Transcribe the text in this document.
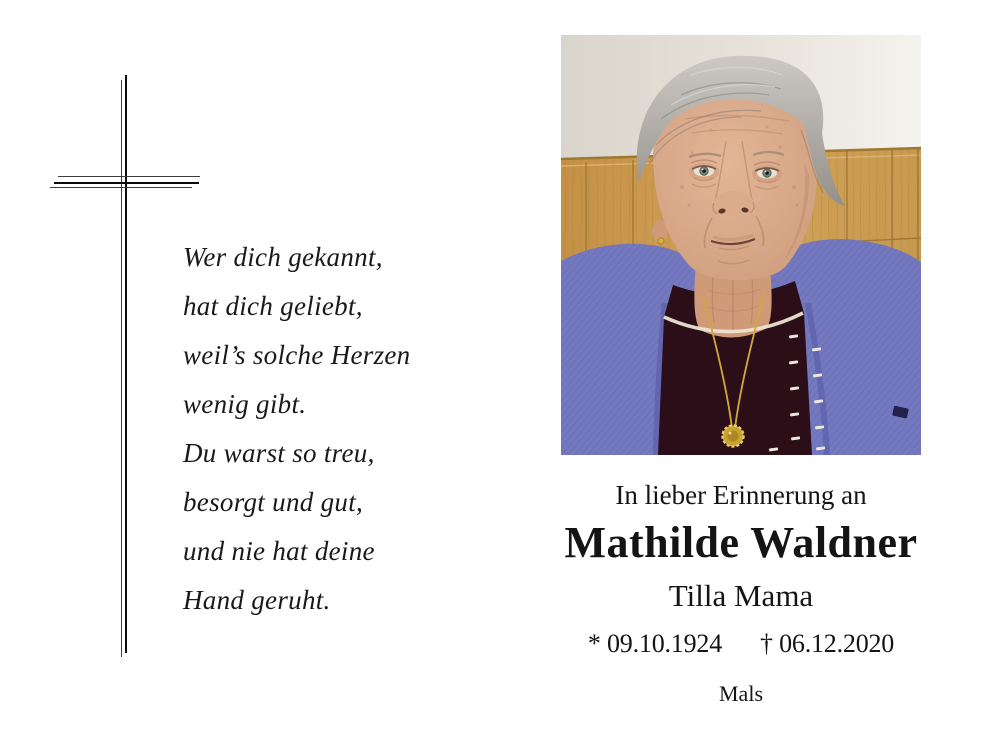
Wer dich gekannt,
hat dich geliebt,
weil’s solche Herzen
wenig gibt.
Du warst so treu,
besorgt und gut,
und nie hat deine
Hand geruht.
In lieber Erinnerung an
Mathilde Waldner
Tilla Mama
* 09.10.1924 † 06.12.2020
Mals
